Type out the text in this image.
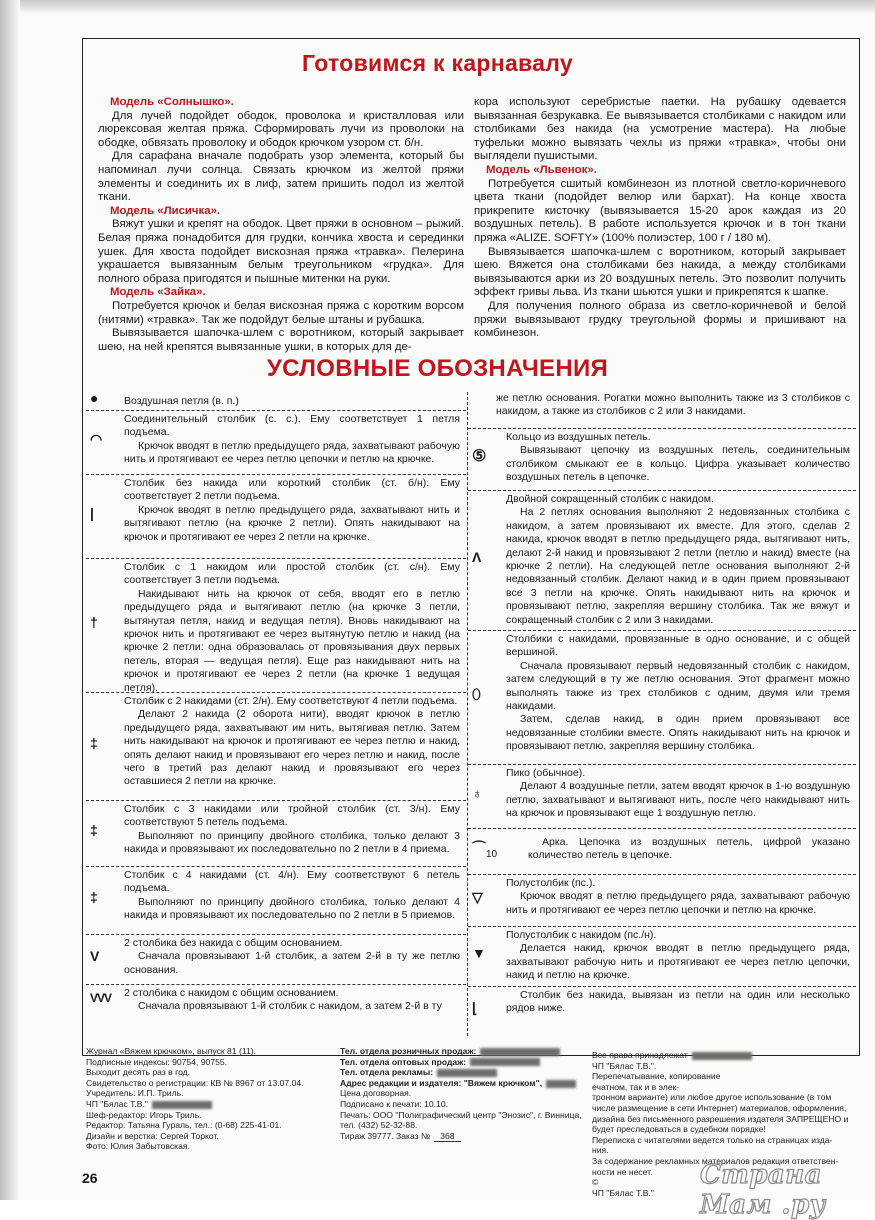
Готовимся к карнавалу
Модель «Солнышко».

Для лучей подойдет ободок, проволока и кристалловая или люрексовая желтая пряжа. Сформировать лучи из проволоки на ободке, обвязать проволоку и ободок крючком узором ст. б/н.

Для сарафана вначале подобрать узор элемента, который бы напоминал лучи солнца. Связать крючком из желтой пряжи элементы и соединить их в лиф, затем пришить подол из желтой ткани.

Модель «Лисичка».

Вяжут ушки и крепят на ободок. Цвет пряжи в основном – рыжий. Белая пряжа понадобится для грудки, кончика хвоста и серединки ушек. Для хвоста подойдет вискозная пряжа «травка». Пелерина украшается вывязанным белым треугольником «грудка». Для полного образа пригодятся и пышные митенки на руки.

Модель «Зайка».

Потребуется крючок и белая вискозная пряжа с коротким ворсом (нитями) «травка». Так же подойдут белые штаны и рубашка.

Вывязывается шапочка-шлем с воротником, который закрывает шею, на ней крепятся вывязанные ушки, в которых для де-

кора используют серебристые паетки. На рубашку одевается вывязанная безрукавка. Ее вывязывается столбиками с накидом или столбиками без накида (на усмотрение мастера). На любые туфельки можно вывязать чехлы из пряжи «травка», чтобы они выглядели пушистыми.

Модель «Львенок».

Потребуется сшитый комбинезон из плотной светло-коричневого цвета ткани (подойдет велюр или бархат). На конце хвоста прикрепите кисточку (вывязывается 15-20 арок каждая из 20 воздушных петель). В работе используется крючок и в тон ткани пряжа «ALIZE. SOFTY» (100% полиэстер, 100 г / 180 м).

Вывязывается шапочка-шлем с воротником, который закрывает шею. Вяжется она столбиками без накида, а между столбиками вывязываются арки из 20 воздушных петель. Это позволит получить эффект гривы льва. Из ткани шьются ушки и прикрепятся к шапке.

Для получения полного образа из светло-коричневой и белой пряжи вывязывают грудку треугольной формы и пришивают на комбинезон.

УСЛОВНЫЕ ОБОЗНАЧЕНИЯ
● Воздушная петля (в. п.)

◠

Соединительный столбик (с. с.). Ему соответствует 1 петля подъема.

Крючок вводят в петлю предыдущего ряда, захватывают рабочую нить и протягивают ее через петлю цепочки и петлю на крючке.

|

Столбик без накида или короткий столбик (ст. б/н). Ему соответствует 2 петли подъема.

Крючок вводят в петлю предыдущего ряда, захватывают нить и вытягивают петлю (на крючке 2 петли). Опять накидывают на крючок и протягивают ее через 2 петли на крючке.

†

Столбик с 1 накидом или простой столбик (ст. с/н). Ему соответствует 3 петли подъема.

Накидывают нить на крючок от себя, вводят его в петлю предыдущего ряда и вытягивают петлю (на крючке 3 петли, вытянутая петля, накид и ведущая петля). Вновь накидывают на крючок нить и протягивают ее через вытянутую петлю и накид (на крючке 2 петли: одна образовалась от провязывания двух первых петель, вторая — ведущая петля). Еще раз накидывают нить на крючок и протягивают ее через 2 петли (на крючке 1 ведущая петля).

‡

Столбик с 2 накидами (ст. 2/н). Ему соответствуют 4 петли подъема.

Делают 2 накида (2 оборота нити), вводят крючок в петлю предыдущего ряда, захватывают им нить, вытягивая петлю. Затем нить накидывают на крючок и протягивают ее через петлю и накид, опять делают накид и провязывают его через петлю и накид, после чего в третий раз делают накид и провязывают его через оставшиеся 2 петли на крючке.

‡

Столбик с 3 накидами или тройной столбик (ст. 3/н). Ему соответствуют 5 петель подъема.

Выполняют по принципу двойного столбика, только делают 3 накида и провязывают их последовательно по 2 петли в 4 приема.

‡

Столбик с 4 накидами (ст. 4/н). Ему соответствуют 6 петель подъема.

Выполняют по принципу двойного столбика, только делают 4 накида и провязывают их последовательно по 2 петли в 5 приемов.

V

2 столбика без накида с общим основанием.

Сначала провязывают 1-й столбик, а затем 2-й в ту же петлю основания.

VVV 2 столбика с накидом с общим основанием.

Сначала провязывают 1-й столбик с накидом, а затем 2-й в ту

же петлю основания. Рогатки можно выполнить также из 3 столбиков с накидом, а также из столбиков с 2 или 3 накидами.

⑤

Кольцо из воздушных петель.

Вывязывают цепочку из воздушных петель, соединительным столбиком смыкают ее в кольцо. Цифра указывает количество воздушных петель в цепочке.

Ʌ

Двойной сокращенный столбик с накидом.

На 2 петлях основания выполняют 2 недовязанных столбика с накидом, а затем провязывают их вместе. Для этого, сделав 2 накида, крючок вводят в петлю предыдущего ряда, вытягивают нить, делают 2-й накид и провязывают 2 петли (петлю и накид) вместе (на крючке 2 петли). На следующей петле основания выполняют 2-й недовязанный столбик. Делают накид и в один прием провязывают все 3 петли на крючке. Опять накидывают нить на крючок и провязывают петлю, закрепляя вершину столбика. Так же вяжут и сокращенный столбик с 2 или 3 накидами.

⬯

Столбики с накидами, провязанные в одно основание, и с общей вершиной.

Сначала провязывают первый недовязанный столбик с накидом, затем следующий в ту же петлю основания. Этот фрагмент можно выполнять также из трех столбиков с одним, двумя или тремя накидами.

Затем, сделав накид, в один прием провязывают все недовязанные столбики вместе. Опять накидывают нить на крючок и провязывают петлю, закрепляя вершину столбика.

♁

Пико (обычное).

Делают 4 воздушные петли, затем вводят крючок в 1-ю воздушную петлю, захватывают и вытягивают нить, после чего накидывают нить на крючок и провязывают еще 1 воздушную петлю.

⌒ 10

Арка. Цепочка из воздушных петель, цифрой указано количество петель в цепочке.

▽

Полустолбик (пс.).

Крючок вводят в петлю предыдущего ряда, захватывают рабочую нить и протягивают ее через петлю цепочки и петлю на крючке.

▼

Полустолбик с накидом (пс./н).

Делается накид, крючок вводят в петлю предыдущего ряда, захватывают рабочую нить и протягивают ее через петлю цепочки, накид и петлю на крючке.

⌊

Столбик без накида, вывязан из петли на один или несколько рядов ниже.

Журнал «Вяжем крючком», выпуск 81 (11).
Подписные индексы: 90754, 90755.
Выходит десять раз в год.
Свидетельство о регистрации: КВ № 8967 от 13.07.04.
Учредитель: И.П. Триль.
ЧП "Бялас Т.В."
Шеф-редактор: Игорь Триль.
Редактор: Татьяна Гураль, тел.: (0-68) 225-41-01.
Дизайн и верстка: Сергей Торкот.
Фото: Юлия Забытовская.
Тел. отдела розничных продаж:
Тел. отдела оптовых продаж:
Тел. отдела рекламы:
Адрес редакции и издателя: "Вяжем крючком",
Цена договорная.
Подписано к печати: 10.10.
Печать: ООО "Полиграфический центр "Энозис", г. Винница,
тел. (432) 52-32-88.
Тираж 39777. Заказ № 368
Все права принадлежат
ЧП "Бялас Т.В.".
Перепечатывание, копирование
ечатном, так и в элек-
тронном варианте) или любое другое использование (в том
числе размещение в сети Интернет) материалов, оформления,
дизайна без письменного разрешения издателя ЗАПРЕЩЕНО и
будет преследоваться в судебном порядке!
Переписка с читателями ведется только на страницах изда-
ния.
За содержание рекламных материалов редакция ответствен-
ности не несет.
©
ЧП "Бялас Т.В."
26	Страна Мам .ру
